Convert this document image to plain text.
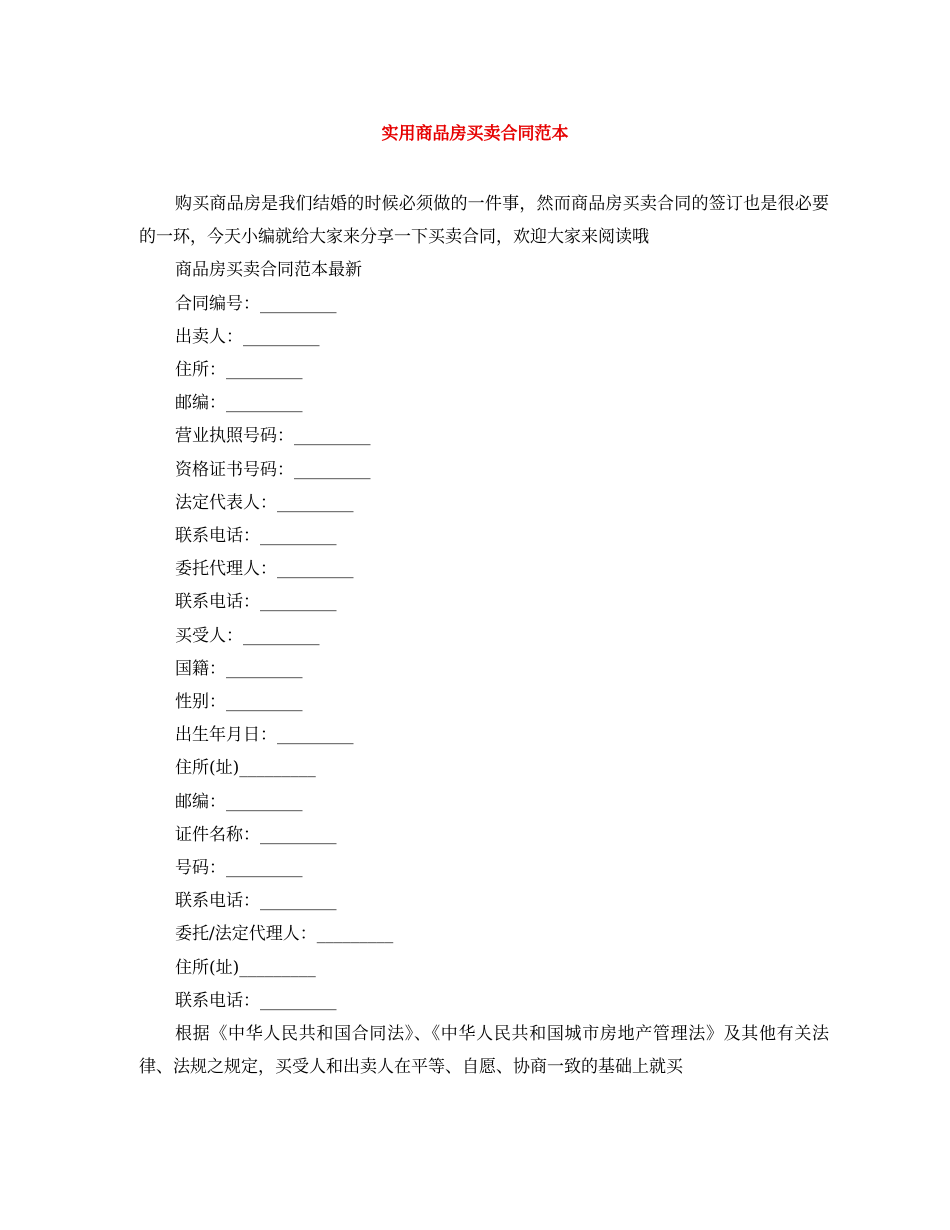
实用商品房买卖合同范本

购买商品房是我们结婚的时候必须做的一件事，然而商品房买卖合同的签订也是很必要的一环，今天小编就给大家来分享一下买卖合同，欢迎大家来阅读哦

商品房买卖合同范本最新

合同编号：_________

出卖人：_________

住所：_________

邮编：_________

营业执照号码：_________

资格证书号码：_________

法定代表人：_________

联系电话：_________

委托代理人：_________

联系电话：_________

买受人：_________

国籍：_________

性别：_________

出生年月日：_________

住所(址)_________

邮编：_________

证件名称：_________

号码：_________

联系电话：_________

委托/法定代理人：_________

住所(址)_________

联系电话：_________

根据《中华人民共和国合同法》、《中华人民共和国城市房地产管理法》及其他有关法律、法规之规定，买受人和出卖人在平等、自愿、协商一致的基础上就买
